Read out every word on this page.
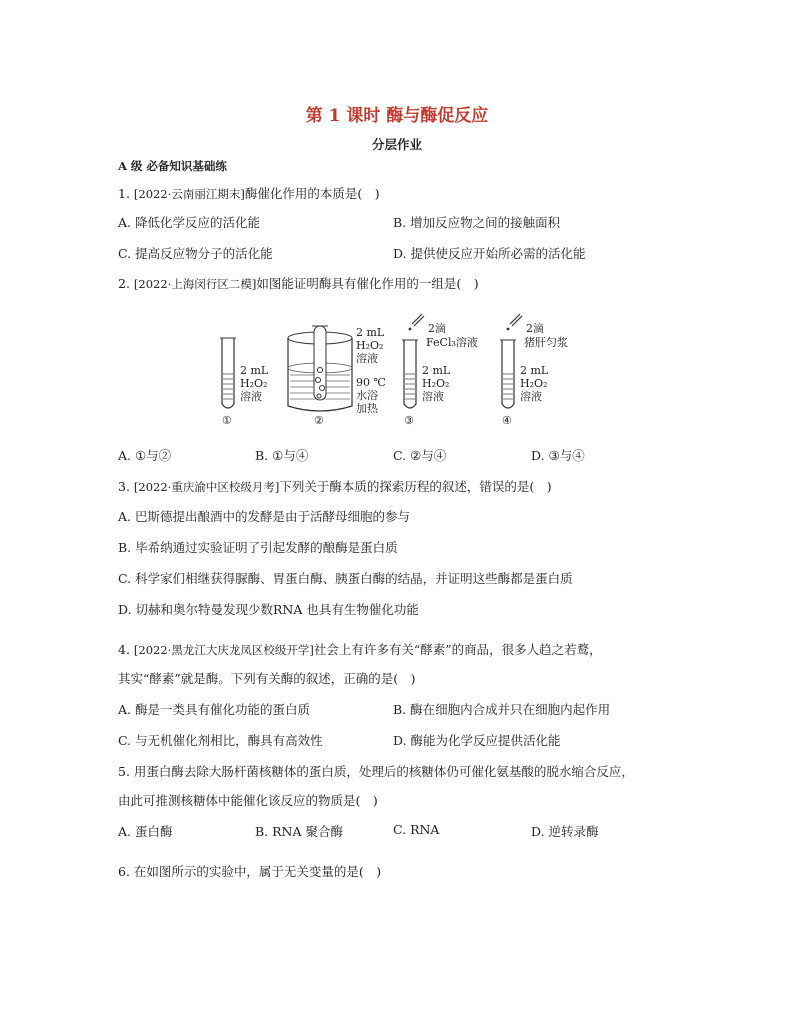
第 1 课时 酶与酶促反应
分层作业
A 级 必备知识基础练
1. [2022·云南丽江期末]酶催化作用的本质是(　)
A. 降低化学反应的活化能	B. 增加反应物之间的接触面积
C. 提高反应物分子的活化能	D. 提供使反应开始所必需的活化能
2. [2022·上海闵行区二模]如图能证明酶具有催化作用的一组是(　)
2 mL
H₂O₂
溶液
①
2 mL
H₂O₂
溶液
90 ℃
水浴
加热
②
2滴
FeCl₃溶液
2 mL
H₂O₂
溶液
③
2滴
猪肝匀浆
2 mL
H₂O₂
溶液
④
A. ①与②	B. ①与④	C. ②与④	D. ③与④
3. [2022·重庆渝中区校级月考]下列关于酶本质的探索历程的叙述，错误的是(　)
A. 巴斯德提出酿酒中的发酵是由于活酵母细胞的参与
B. 毕希纳通过实验证明了引起发酵的酿酶是蛋白质
C. 科学家们相继获得脲酶、胃蛋白酶、胰蛋白酶的结晶，并证明这些酶都是蛋白质
D. 切赫和奥尔特曼发现少数RNA 也具有生物催化功能
4. [2022·黑龙江大庆龙凤区校级开学]社会上有许多有关“酵素”的商品，很多人趋之若鹜，
其实“酵素”就是酶。下列有关酶的叙述，正确的是(　)
A. 酶是一类具有催化功能的蛋白质	B. 酶在细胞内合成并只在细胞内起作用
C. 与无机催化剂相比，酶具有高效性	D. 酶能为化学反应提供活化能
5. 用蛋白酶去除大肠杆菌核糖体的蛋白质，处理后的核糖体仍可催化氨基酸的脱水缩合反应，
由此可推测核糖体中能催化该反应的物质是(　)
A. 蛋白酶	B. RNA 聚合酶	C. RNA	D. 逆转录酶
6. 在如图所示的实验中，属于无关变量的是(　)
